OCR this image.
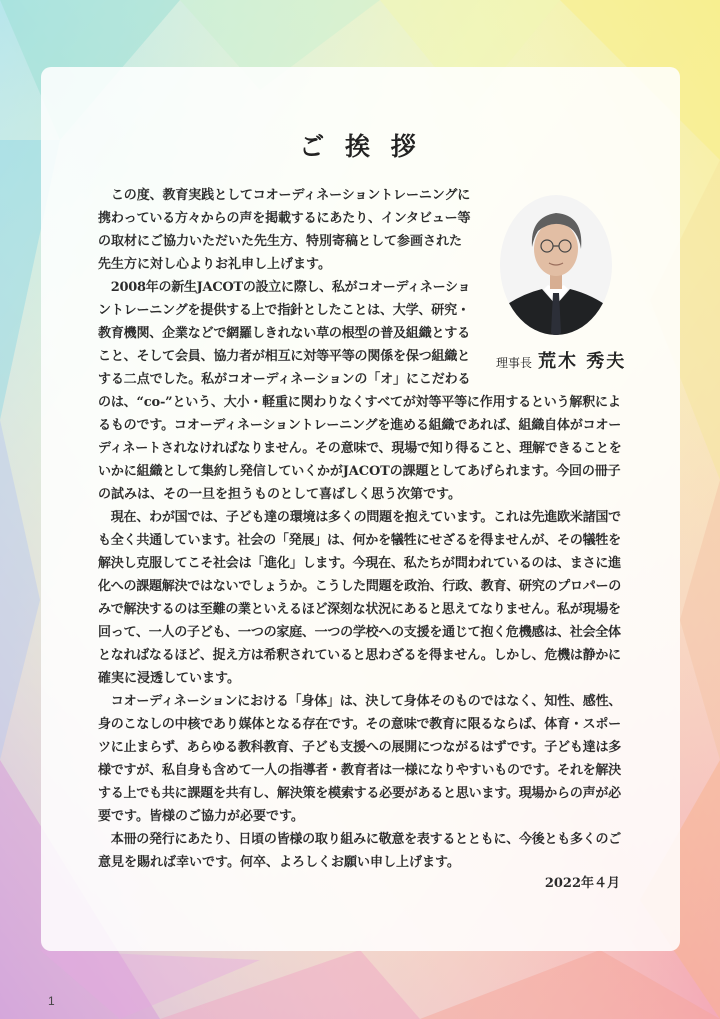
ご 挨 拶
理事長 荒木 秀夫

　この度、教育実践としてコオーディネーショントレーニングに
携わっている方々からの声を掲載するにあたり、インタビュー等
の取材にご協力いただいた先生方、特別寄稿として参画された
先生方に対し心よりお礼申し上げます。

　2008年の新生JACOTの設立に際し、私がコオーディネーショ
ントレーニングを提供する上で指針としたことは、大学、研究・
教育機関、企業などで網羅しきれない草の根型の普及組織とする
こと、そして会員、協力者が相互に対等平等の関係を保つ組織と
する二点でした。私がコオーディネーションの「オ」にこだわる

のは、“co-”という、大小・軽重に関わりなくすべてが対等平等に作用するという解釈によ
るものです。コオーディネーショントレーニングを進める組織であれば、組織自体がコオー
ディネートされなければなりません。その意味で、現場で知り得ること、理解できることを
いかに組織として集約し発信していくかがJACOTの課題としてあげられます。今回の冊子
の試みは、その一旦を担うものとして喜ばしく思う次第です。

　現在、わが国では、子ども達の環境は多くの問題を抱えています。これは先進欧米諸国で
も全く共通しています。社会の「発展」は、何かを犠牲にせざるを得ませんが、その犠牲を
解決し克服してこそ社会は「進化」します。今現在、私たちが問われているのは、まさに進
化への課題解決ではないでしょうか。こうした問題を政治、行政、教育、研究のプロパーの
みで解決するのは至難の業といえるほど深刻な状況にあると思えてなりません。私が現場を
回って、一人の子ども、一つの家庭、一つの学校への支援を通じて抱く危機感は、社会全体
となればなるほど、捉え方は希釈されていると思わざるを得ません。しかし、危機は静かに
確実に浸透しています。

　コオーディネーションにおける「身体」は、決して身体そのものではなく、知性、感性、
身のこなしの中核であり媒体となる存在です。その意味で教育に限るならば、体育・スポー
ツに止まらず、あらゆる教科教育、子ども支援への展開につながるはずです。子ども達は多
様ですが、私自身も含めて一人の指導者・教育者は一様になりやすいものです。それを解決
する上でも共に課題を共有し、解決策を模索する必要があると思います。現場からの声が必
要です。皆様のご協力が必要です。

　本冊の発行にあたり、日頃の皆様の取り組みに敬意を表するとともに、今後とも多くのご
意見を賜れば幸いです。何卒、よろしくお願い申し上げます。

2022年４月
1
